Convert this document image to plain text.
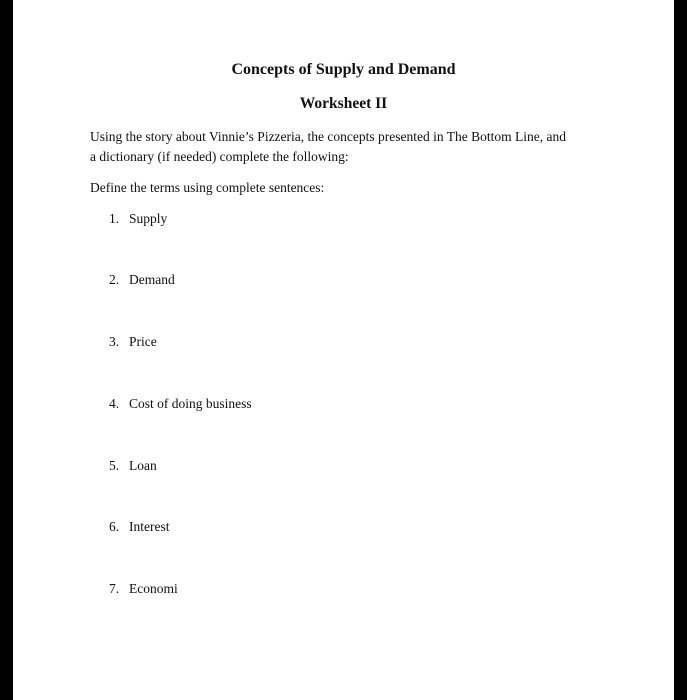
Concepts of Supply and Demand
Worksheet II

Using the story about Vinnie’s Pizzeria, the concepts presented in The Bottom Line, and
a dictionary (if needed) complete the following:

Define the terms using complete sentences:

1. Supply
2. Demand
3. Price
4. Cost of doing business
5. Loan
6. Interest
7. Economi
